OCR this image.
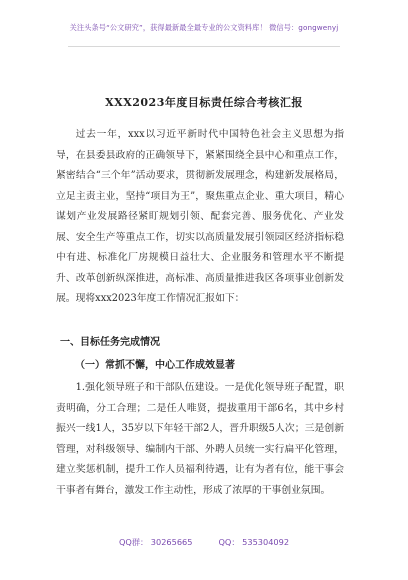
关注头条号“公文研究”，获得最新最全最专业的公文资料库！ 微信号：gongwenyj
XXX2023年度目标责任综合考核汇报

过去一年，xxx以习近平新时代中国特色社会主义思想为指导，在县委县政府的正确领导下，紧紧围绕全县中心和重点工作，紧密结合“三个年”活动要求，贯彻新发展理念，构建新发展格局，立足主责主业，坚持“项目为王”，聚焦重点企业、重大项目，精心谋划产业发展路径紧盯规划引领、配套完善、服务优化、产业发展、安全生产等重点工作，切实以高质量发展引领园区经济指标稳中有进、标准化厂房规模日益壮大、企业服务和管理水平不断提升、改革创新纵深推进，高标准、高质量推进我区各项事业创新发展。现将xxx2023年度工作情况汇报如下：

一、目标任务完成情况
（一）常抓不懈，中心工作成效显著

1.强化领导班子和干部队伍建设。一是优化领导班子配置，职责明确，分工合理；二是任人唯贤，提拔重用干部6名，其中乡村振兴一线1人，35岁以下年轻干部2人，晋升职级5人次；三是创新管理，对科级领导、编制内干部、外聘人员统一实行扁平化管理，建立奖惩机制，提升工作人员福利待遇，让有为者有位，能干事会干事者有舞台，激发工作主动性，形成了浓厚的干事创业氛围。

QQ群： 30265665	QQ： 535304092
